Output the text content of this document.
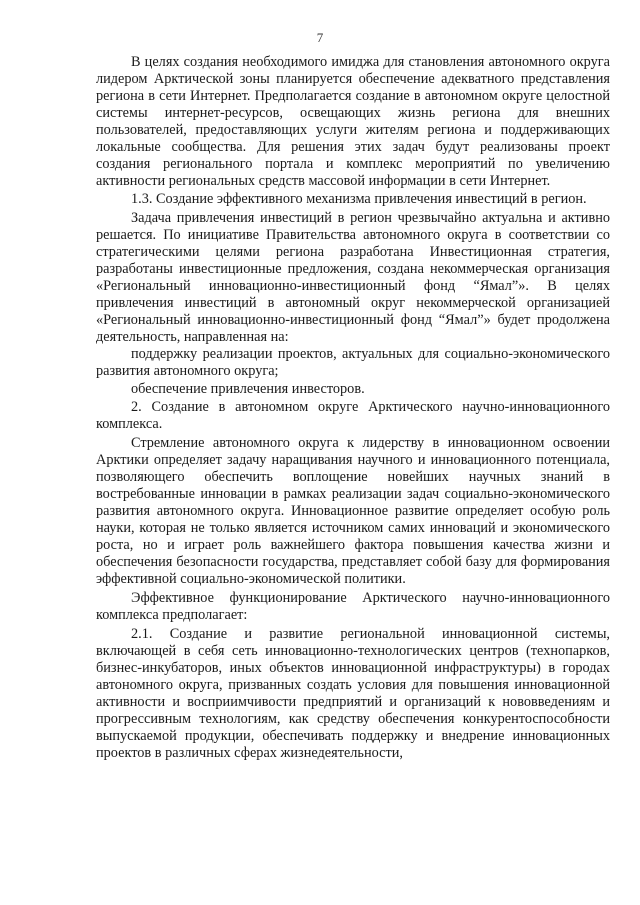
7

В целях создания необходимого имиджа для становления автономного округа лидером Арктической зоны планируется обеспечение адекватного представления региона в сети Интернет. Предполагается создание в автономном округе целостной системы интернет-ресурсов, освещающих жизнь региона для внешних пользователей, предоставляющих услуги жителям региона и поддерживающих локальные сообщества. Для решения этих задач будут реализованы проект создания регионального портала и комплекс мероприятий по увеличению активности региональных средств массовой информации в сети Интернет.

1.3. Создание эффективного механизма привлечения инвестиций в регион.

Задача привлечения инвестиций в регион чрезвычайно актуальна и активно решается. По инициативе Правительства автономного округа в соответствии со стратегическими целями региона разработана Инвестиционная стратегия, разработаны инвестиционные предложения, создана некоммерческая организация «Региональный инновационно-инвестиционный фонд “Ямал”». В целях привлечения инвестиций в автономный округ некоммерческой организацией «Региональный инновационно-инвестиционный фонд “Ямал”» будет продолжена деятельность, направленная на:

поддержку реализации проектов, актуальных для социально-экономического развития автономного округа;

обеспечение привлечения инвесторов.

2. Создание в автономном округе Арктического научно-инновационного комплекса.

Стремление автономного округа к лидерству в инновационном освоении Арктики определяет задачу наращивания научного и инновационного потенциала, позволяющего обеспечить воплощение новейших научных знаний в востребованные инновации в рамках реализации задач социально-экономического развития автономного округа. Инновационное развитие определяет особую роль науки, которая не только является источником самих инноваций и экономического роста, но и играет роль важнейшего фактора повышения качества жизни и обеспечения безопасности государства, представляет собой базу для формирования эффективной социально-экономической политики.

Эффективное функционирование Арктического научно-инновационного комплекса предполагает:

2.1. Создание и развитие региональной инновационной системы, включающей в себя сеть инновационно-технологических центров (технопарков, бизнес-инкубаторов, иных объектов инновационной инфраструктуры) в городах автономного округа, призванных создать условия для повышения инновационной активности и восприимчивости предприятий и организаций к нововведениям и прогрессивным технологиям, как средству обеспечения конкурентоспособности выпускаемой продукции, обеспечивать поддержку и внедрение инновационных проектов в различных сферах жизнедеятельности,
